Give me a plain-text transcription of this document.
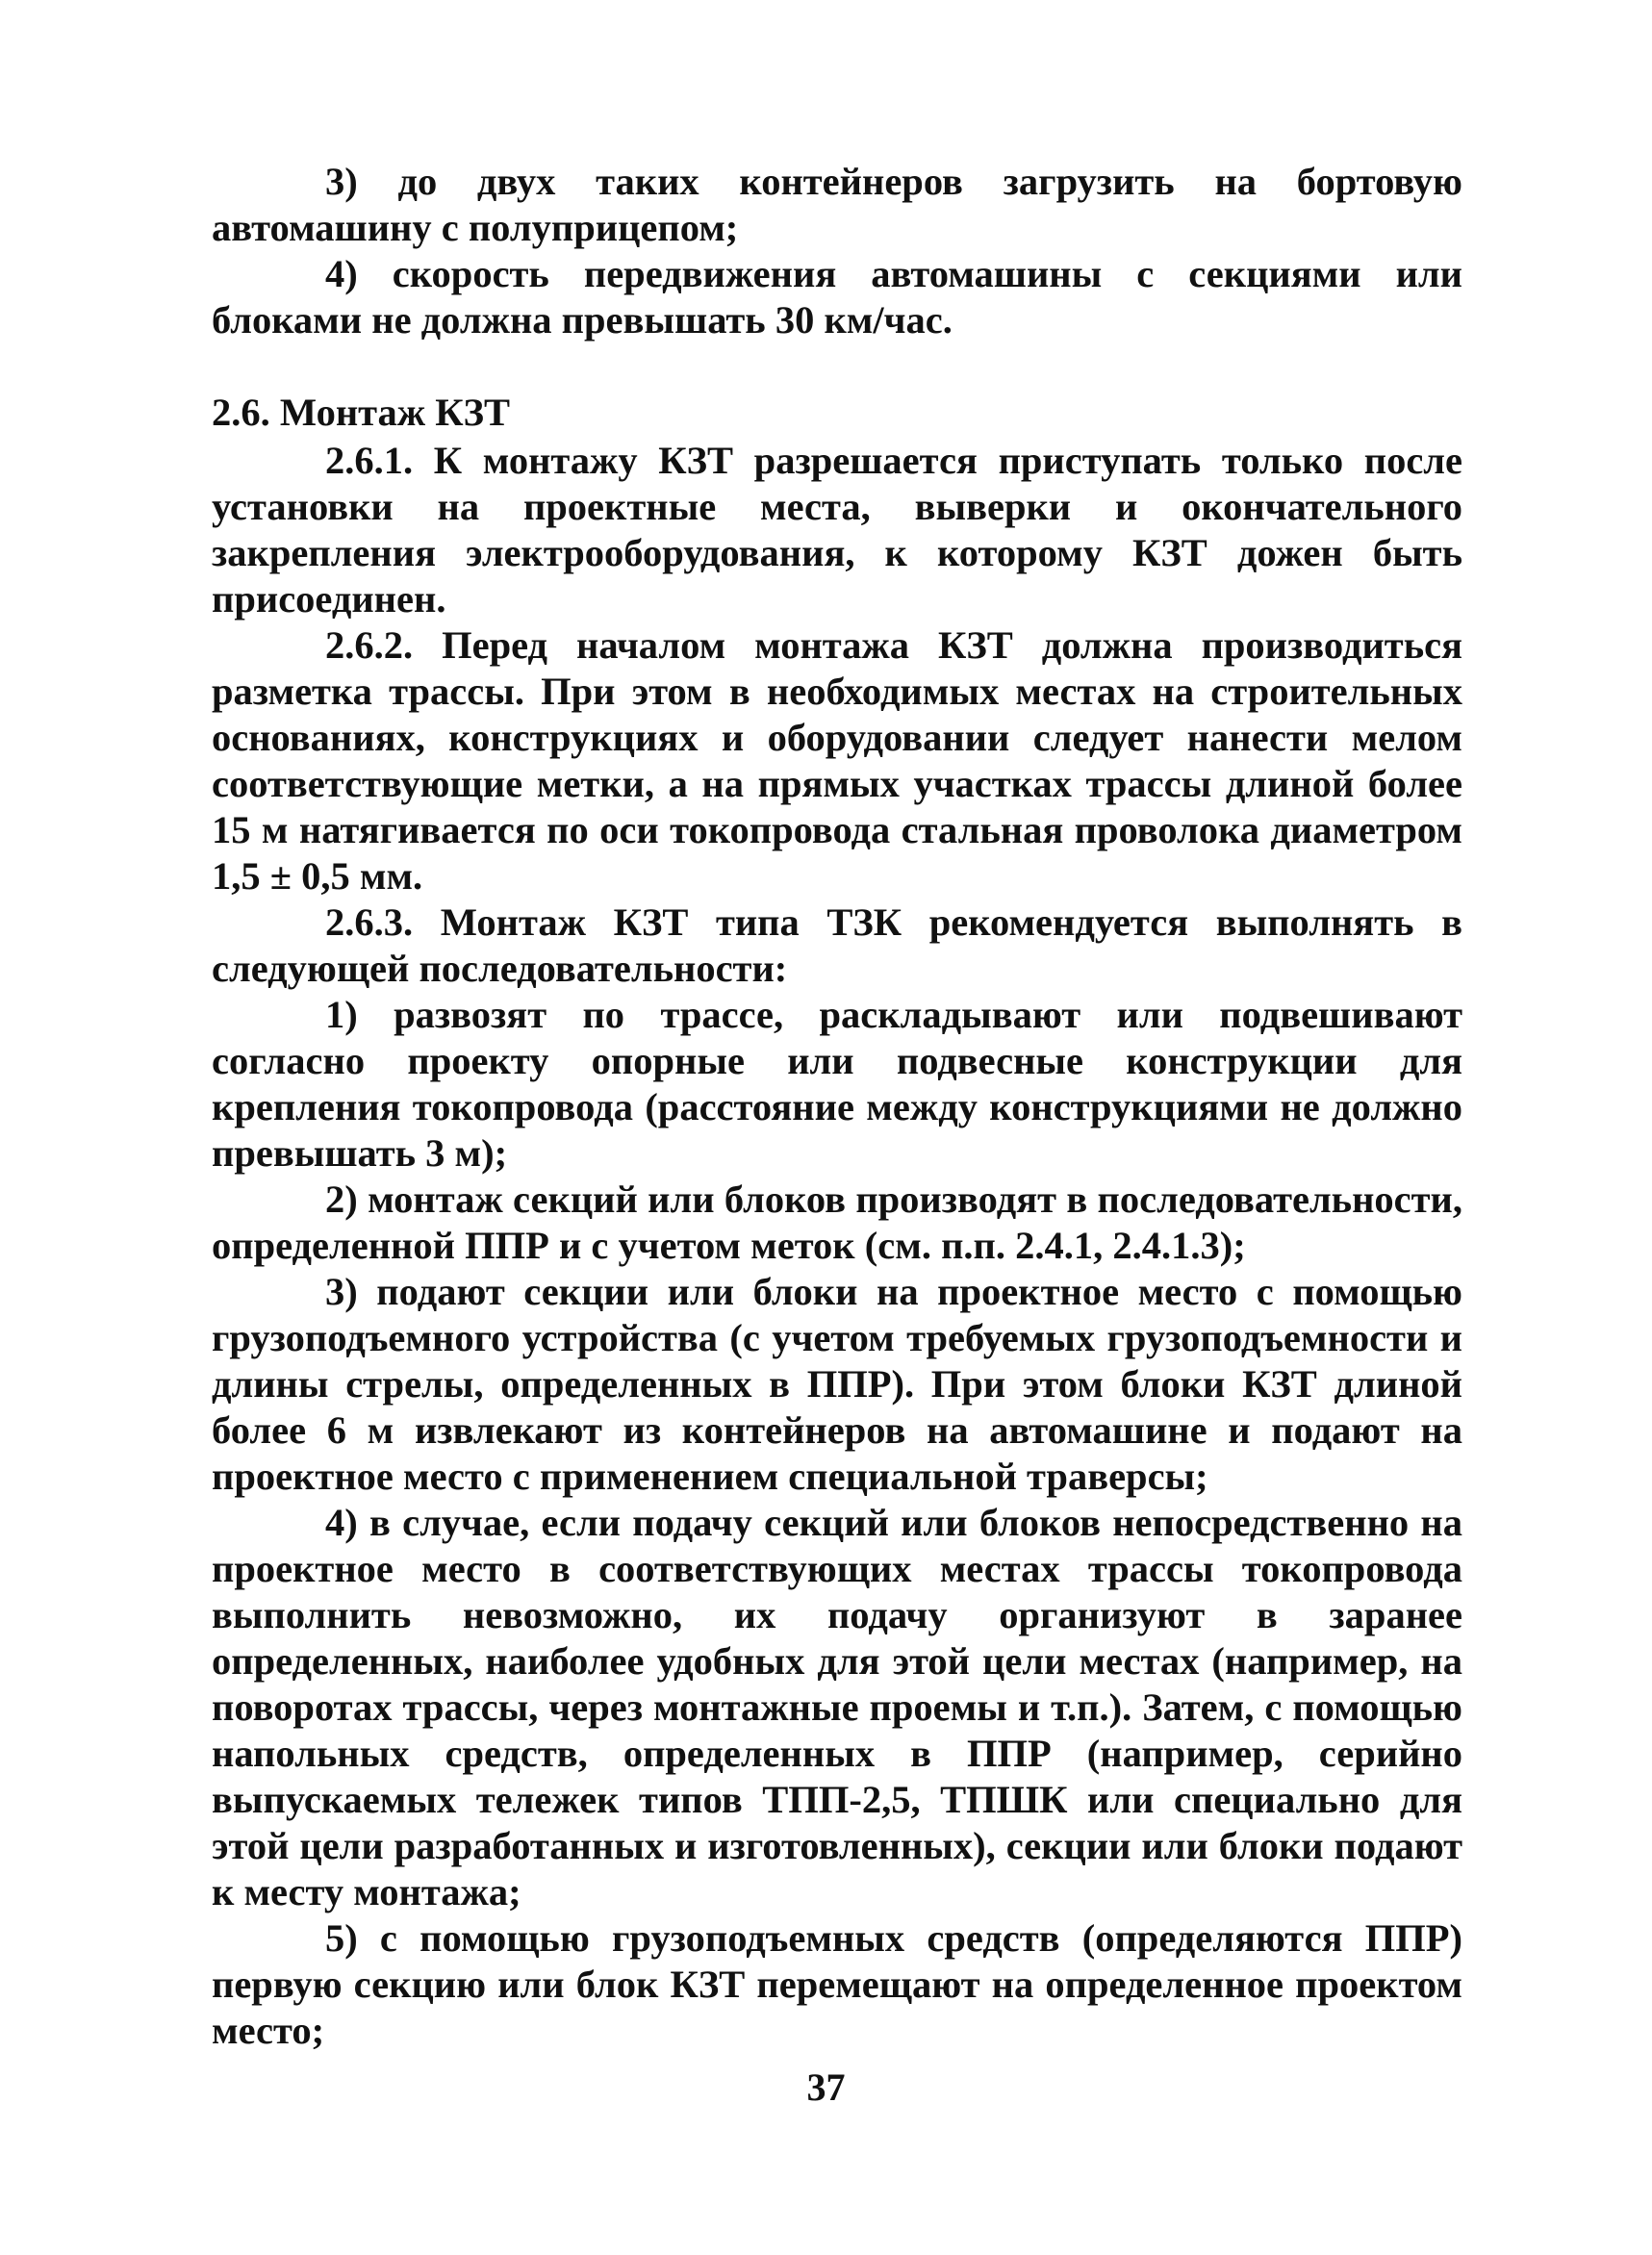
3) до двух таких контейнеров загрузить на бортовую автомашину с полуприцепом;

4) скорость передвижения автомашины с секциями или блоками не должна превышать 30 км/час.

2.6. Монтаж КЗТ

2.6.1. К монтажу КЗТ разрешается приступать только после установки на проектные места, выверки и окончательного закрепления электрооборудования, к которому КЗТ дожен быть присоединен.

2.6.2. Перед началом монтажа КЗТ должна производиться разметка трассы. При этом в необходимых местах на строительных основаниях, конструкциях и оборудовании следует нанести мелом соответствующие метки, а на прямых участках трассы длиной более 15 м натягивается по оси токопровода стальная проволока диаметром 1,5 ± 0,5 мм.

2.6.3. Монтаж КЗТ типа ТЗК рекомендуется выполнять в следующей последовательности:

1) развозят по трассе, раскладывают или подвешивают согласно проекту опорные или подвесные конструкции для крепления токопровода (расстояние между конструкциями не должно превышать 3 м);

2) монтаж секций или блоков производят в последовательности, определенной ППР и с учетом меток (см. п.п. 2.4.1, 2.4.1.3);

3) подают секции или блоки на проектное место с помощью грузоподъемного устройства (с учетом требуемых грузоподъемности и длины стрелы, определенных в ППР). При этом блоки КЗТ длиной более 6 м извлекают из контейнеров на автомашине и подают на проектное место с применением специальной траверсы;

4) в случае, если подачу секций или блоков непосредственно на проектное место в соответствующих местах трассы токопровода выполнить невозможно, их подачу организуют в заранее определенных, наиболее удобных для этой цели местах (например, на поворотах трассы, через монтажные проемы и т.п.). Затем, с помощью напольных средств, определенных в ППР (например, серийно выпускаемых тележек типов ТПП-2,5, ТПШК или специально для этой цели разработанных и изготовленных), секции или блоки подают к месту монтажа;

5) с помощью грузоподъемных средств (определяются ППР) первую секцию или блок КЗТ перемещают на определенное проектом место;

37
